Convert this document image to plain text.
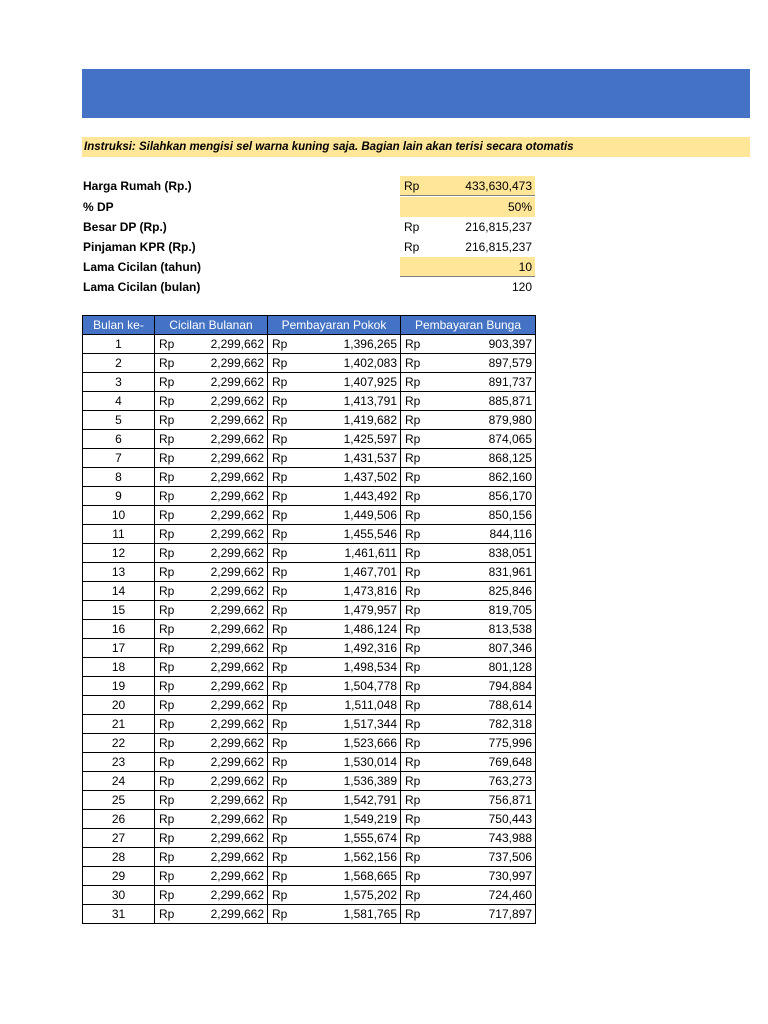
Instruksi: Silahkan mengisi sel warna kuning saja. Bagian lain akan terisi secara otomatis
Harga Rumah (Rp.)	Rp	433,630,473
% DP	50%
Besar DP (Rp.)	Rp	216,815,237
Pinjaman KPR (Rp.)	Rp	216,815,237
Lama Cicilan (tahun)	10
Lama Cicilan (bulan)	120
Bulan ke-	Cicilan Bulanan	Pembayaran Pokok	Pembayaran Bunga
1	Rp 2,299,662	Rp 1,396,265	Rp 903,397

2	Rp 2,299,662	Rp 1,402,083	Rp 897,579

3	Rp 2,299,662	Rp 1,407,925	Rp 891,737

4	Rp 2,299,662	Rp 1,413,791	Rp 885,871

5	Rp 2,299,662	Rp 1,419,682	Rp 879,980

6	Rp 2,299,662	Rp 1,425,597	Rp 874,065

7	Rp 2,299,662	Rp 1,431,537	Rp 868,125

8	Rp 2,299,662	Rp 1,437,502	Rp 862,160

9	Rp 2,299,662	Rp 1,443,492	Rp 856,170

10	Rp 2,299,662	Rp 1,449,506	Rp 850,156

11	Rp 2,299,662	Rp 1,455,546	Rp 844,116

12	Rp 2,299,662	Rp 1,461,611	Rp 838,051

13	Rp 2,299,662	Rp 1,467,701	Rp 831,961

14	Rp 2,299,662	Rp 1,473,816	Rp 825,846

15	Rp 2,299,662	Rp 1,479,957	Rp 819,705

16	Rp 2,299,662	Rp 1,486,124	Rp 813,538

17	Rp 2,299,662	Rp 1,492,316	Rp 807,346

18	Rp 2,299,662	Rp 1,498,534	Rp 801,128

19	Rp 2,299,662	Rp 1,504,778	Rp 794,884

20	Rp 2,299,662	Rp 1,511,048	Rp 788,614

21	Rp 2,299,662	Rp 1,517,344	Rp 782,318

22	Rp 2,299,662	Rp 1,523,666	Rp 775,996

23	Rp 2,299,662	Rp 1,530,014	Rp 769,648

24	Rp 2,299,662	Rp 1,536,389	Rp 763,273

25	Rp 2,299,662	Rp 1,542,791	Rp 756,871

26	Rp 2,299,662	Rp 1,549,219	Rp 750,443

27	Rp 2,299,662	Rp 1,555,674	Rp 743,988

28	Rp 2,299,662	Rp 1,562,156	Rp 737,506

29	Rp 2,299,662	Rp 1,568,665	Rp 730,997

30	Rp 2,299,662	Rp 1,575,202	Rp 724,460

31	Rp 2,299,662	Rp 1,581,765	Rp 717,897
